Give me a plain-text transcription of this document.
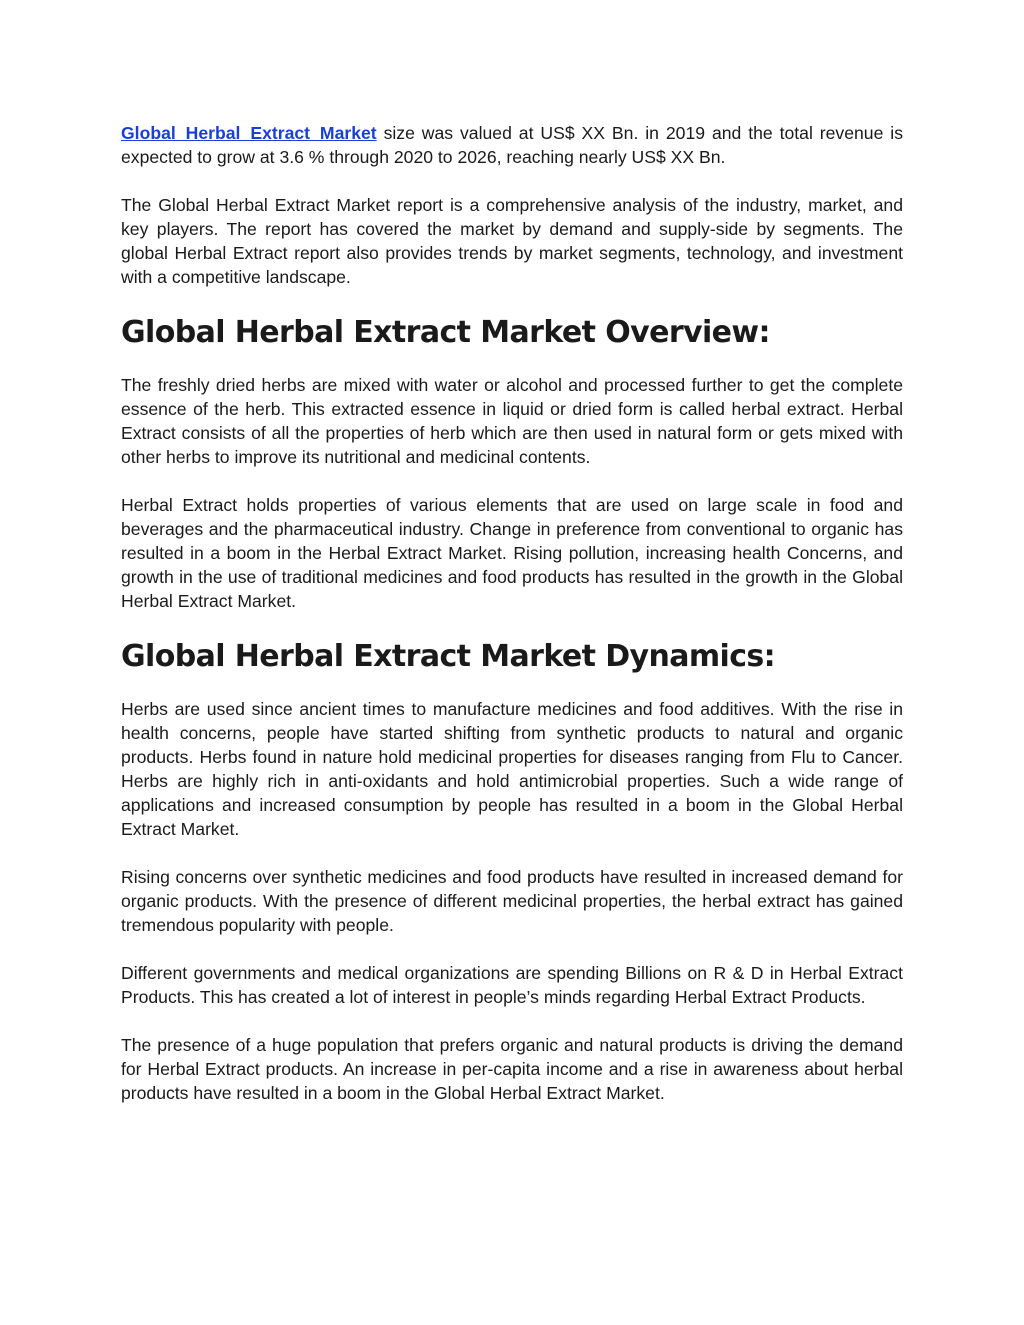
Global Herbal Extract Market size was valued at US$ XX Bn. in 2019 and the total revenue is expected to grow at 3.6 % through 2020 to 2026, reaching nearly US$ XX Bn.

The Global Herbal Extract Market report is a comprehensive analysis of the industry, market, and key players. The report has covered the market by demand and supply-side by segments. The global Herbal Extract report also provides trends by market segments, technology, and investment with a competitive landscape.

Global Herbal Extract Market Overview:

The freshly dried herbs are mixed with water or alcohol and processed further to get the complete essence of the herb. This extracted essence in liquid or dried form is called herbal extract. Herbal Extract consists of all the properties of herb which are then used in natural form or gets mixed with other herbs to improve its nutritional and medicinal contents.

Herbal Extract holds properties of various elements that are used on large scale in food and beverages and the pharmaceutical industry. Change in preference from conventional to organic has resulted in a boom in the Herbal Extract Market. Rising pollution, increasing health Concerns, and growth in the use of traditional medicines and food products has resulted in the growth in the Global Herbal Extract Market.

Global Herbal Extract Market Dynamics:

Herbs are used since ancient times to manufacture medicines and food additives. With the rise in health concerns, people have started shifting from synthetic products to natural and organic products. Herbs found in nature hold medicinal properties for diseases ranging from Flu to Cancer. Herbs are highly rich in anti-oxidants and hold antimicrobial properties. Such a wide range of applications and increased consumption by people has resulted in a boom in the Global Herbal Extract Market.

Rising concerns over synthetic medicines and food products have resulted in increased demand for organic products. With the presence of different medicinal properties, the herbal extract has gained tremendous popularity with people.

Different governments and medical organizations are spending Billions on R & D in Herbal Extract Products. This has created a lot of interest in people’s minds regarding Herbal Extract Products.

The presence of a huge population that prefers organic and natural products is driving the demand for Herbal Extract products. An increase in per-capita income and a rise in awareness about herbal products have resulted in a boom in the Global Herbal Extract Market.
